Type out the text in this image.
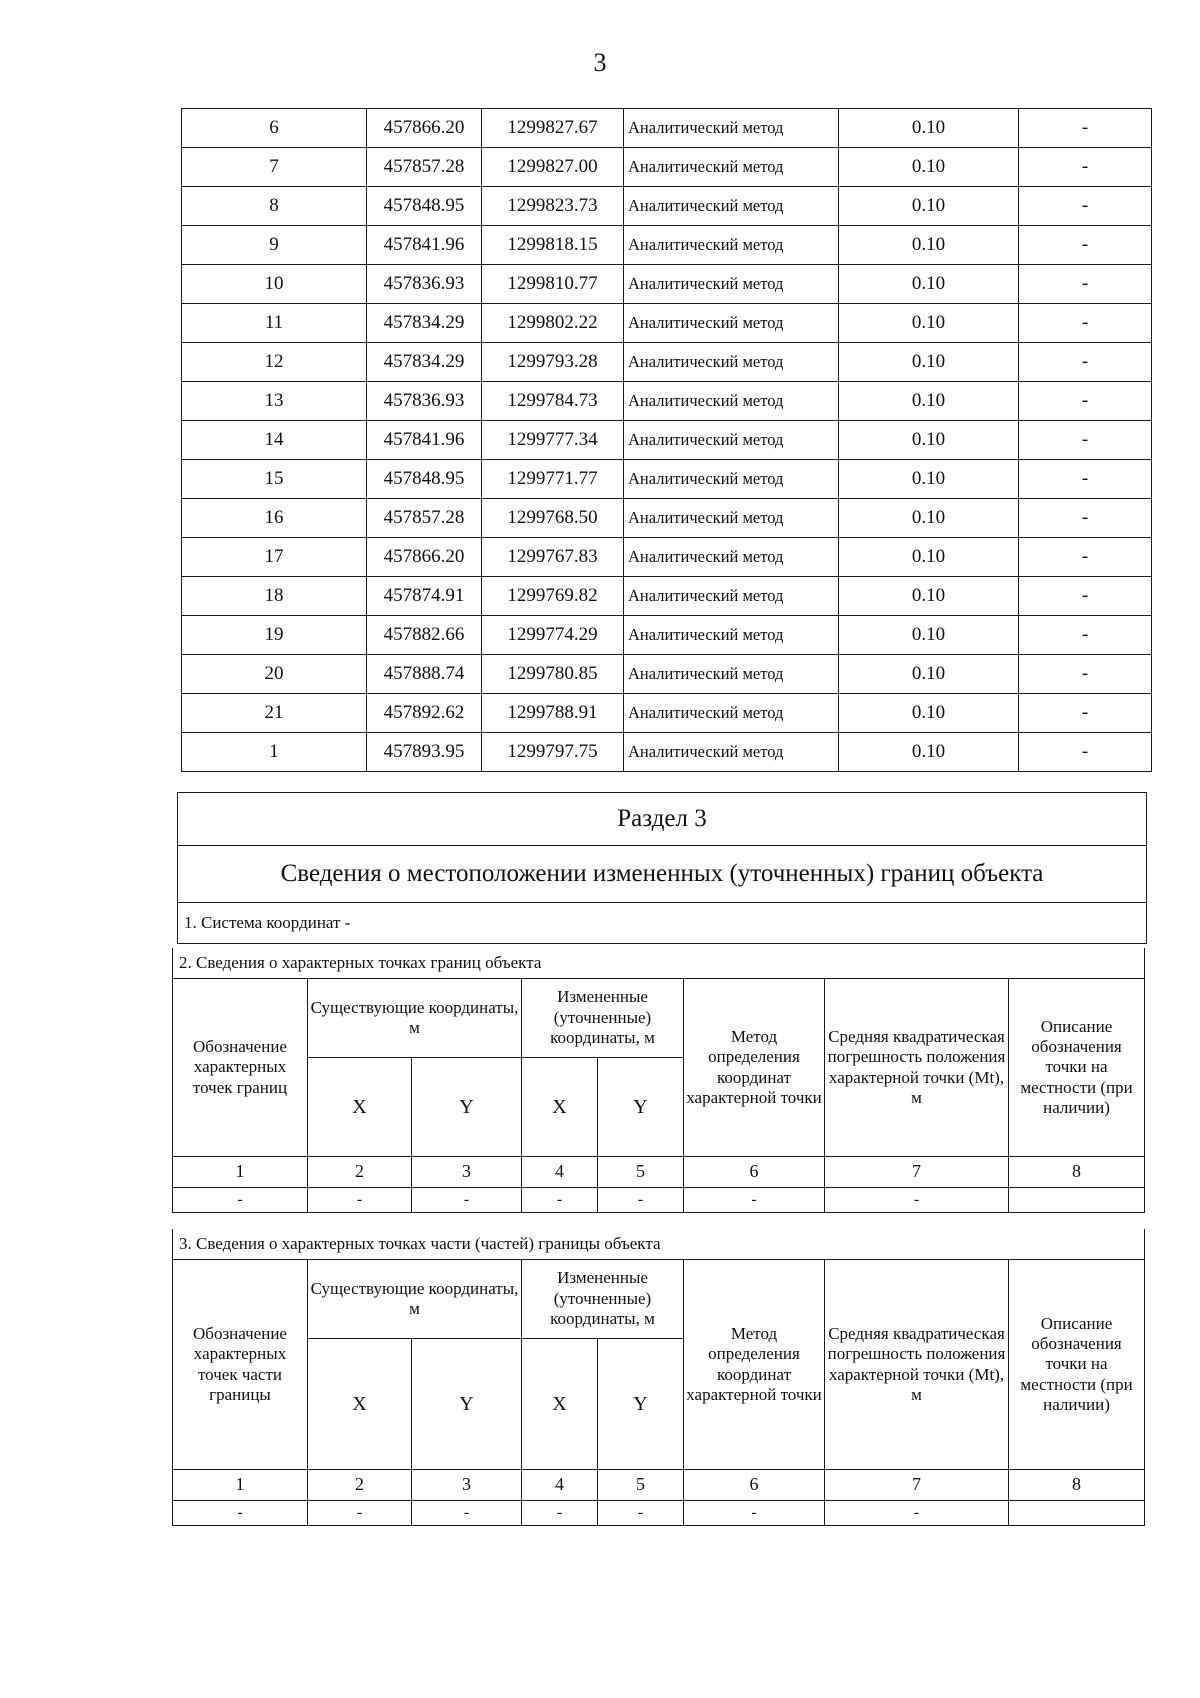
3
6	457866.20	1299827.67	Аналитический метод	0.10	-
7	457857.28	1299827.00	Аналитический метод	0.10	-
8	457848.95	1299823.73	Аналитический метод	0.10	-
9	457841.96	1299818.15	Аналитический метод	0.10	-
10	457836.93	1299810.77	Аналитический метод	0.10	-
11	457834.29	1299802.22	Аналитический метод	0.10	-
12	457834.29	1299793.28	Аналитический метод	0.10	-
13	457836.93	1299784.73	Аналитический метод	0.10	-
14	457841.96	1299777.34	Аналитический метод	0.10	-
15	457848.95	1299771.77	Аналитический метод	0.10	-
16	457857.28	1299768.50	Аналитический метод	0.10	-
17	457866.20	1299767.83	Аналитический метод	0.10	-
18	457874.91	1299769.82	Аналитический метод	0.10	-
19	457882.66	1299774.29	Аналитический метод	0.10	-
20	457888.74	1299780.85	Аналитический метод	0.10	-
21	457892.62	1299788.91	Аналитический метод	0.10	-
1	457893.95	1299797.75	Аналитический метод	0.10	-
Раздел 3
Сведения о местоположении измененных (уточненных) границ объекта
1. Система координат -
2. Сведения о характерных точках границ объекта							
Обозначение характерных точек границ	Существующие координаты, м		Измененные (уточненные) координаты, м		Метод определения координат характерной точки	Средняя квадратическая погрешность положения характерной точки (Mt), м	Описание обозначения точки на местности (при наличии)
	X	Y	X	Y			
1	2	3	4	5	6	7	8
-	-	-	-	-	-	-	
3. Сведения о характерных точках части (частей) границы объекта							
Обозначение характерных точек части границы	Существующие координаты, м		Измененные (уточненные) координаты, м		Метод определения координат характерной точки	Средняя квадратическая погрешность положения характерной точки (Mt), м	Описание обозначения точки на местности (при наличии)
	X	Y	X	Y			
1	2	3	4	5	6	7	8
-	-	-	-	-	-	-	
